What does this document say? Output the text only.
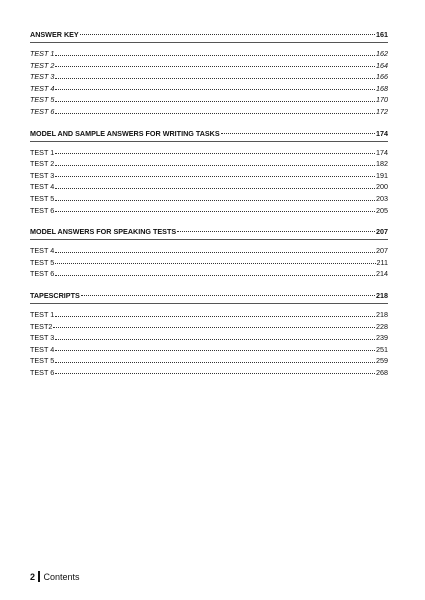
ANSWER KEY	161
TEST 1	162
TEST 2	164
TEST 3	166
TEST 4	168
TEST 5	170
TEST 6	172
MODEL AND SAMPLE ANSWERS FOR WRITING TASKS	174
TEST 1	174
TEST 2	182
TEST 3	191
TEST 4	200
TEST 5	203
TEST 6	205
MODEL ANSWERS FOR SPEAKING TESTS	207
TEST 4	207
TEST 5	211
TEST 6	214
TAPESCRIPTS	218
TEST 1	218
TEST2	228
TEST 3	239
TEST 4	251
TEST 5	259
TEST 6	268
2 Contents
